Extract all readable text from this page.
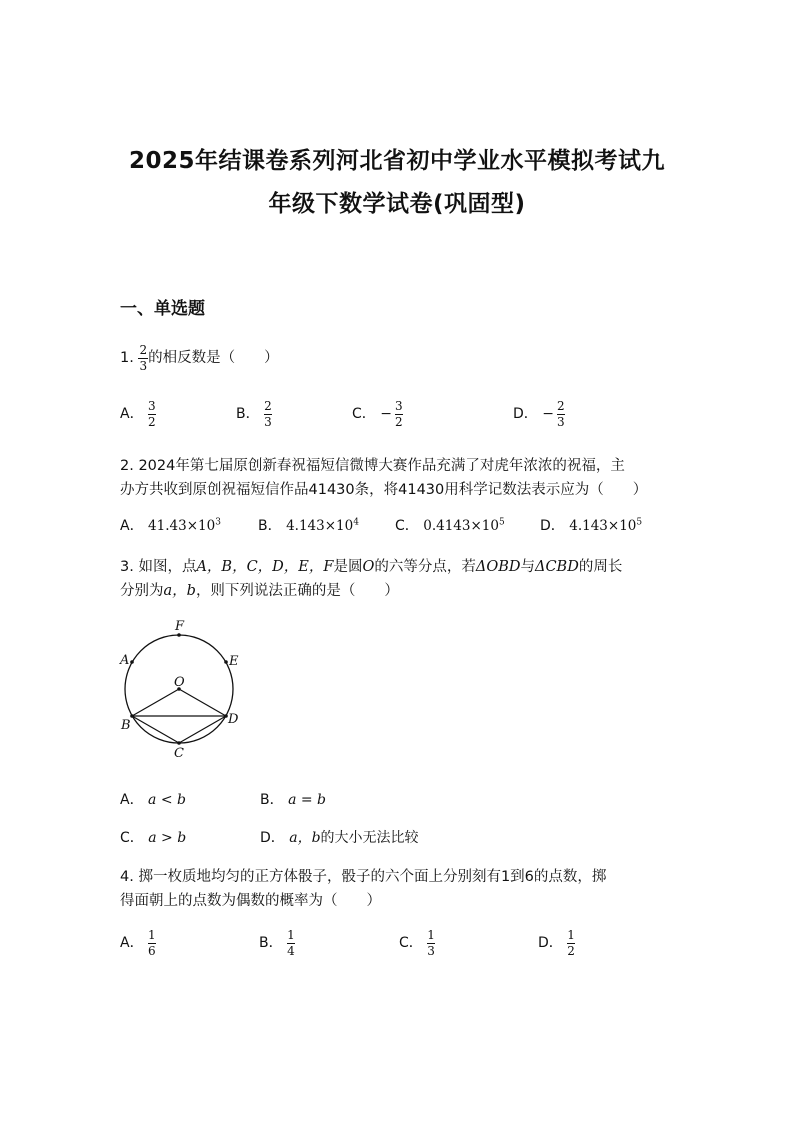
2025年结课卷系列河北省初中学业水平模拟考试九
年级下数学试卷(巩固型)
一、单选题
1. $\frac{2}{3}$ 的相反数是（　　）
A． $\frac{3}{2}$	B． $\frac{2}{3}$	C． − $\frac{3}{2}$	D． − $\frac{2}{3}$
2. 2024年第七届原创新春祝福短信微博大赛作品充满了对虎年浓浓的祝福，主
办方共收到原创祝福短信作品41430条，将41430用科学记数法表示应为（　　）
A． $41.43\times 10^3$	B． $4.143\times 10^4$	C． $0.4143\times 10^5$	D． $4.143\times 10^5$
3. 如图，点A，B，C，D，E，F是圆O的六等分点，若ΔOBD与ΔCBD的周长
分别为a，b，则下列说法正确的是（　　）
F
A	E
O
B	D
C
A． a < b	B． a = b
C． a > b	D． a，b的大小无法比较
4. 掷一枚质地均匀的正方体骰子，骰子的六个面上分别刻有1到6的点数，掷
得面朝上的点数为偶数的概率为（　　）
A． $\frac{1}{6}$	B． $\frac{1}{4}$	C． $\frac{1}{3}$	D． $\frac{1}{2}$
